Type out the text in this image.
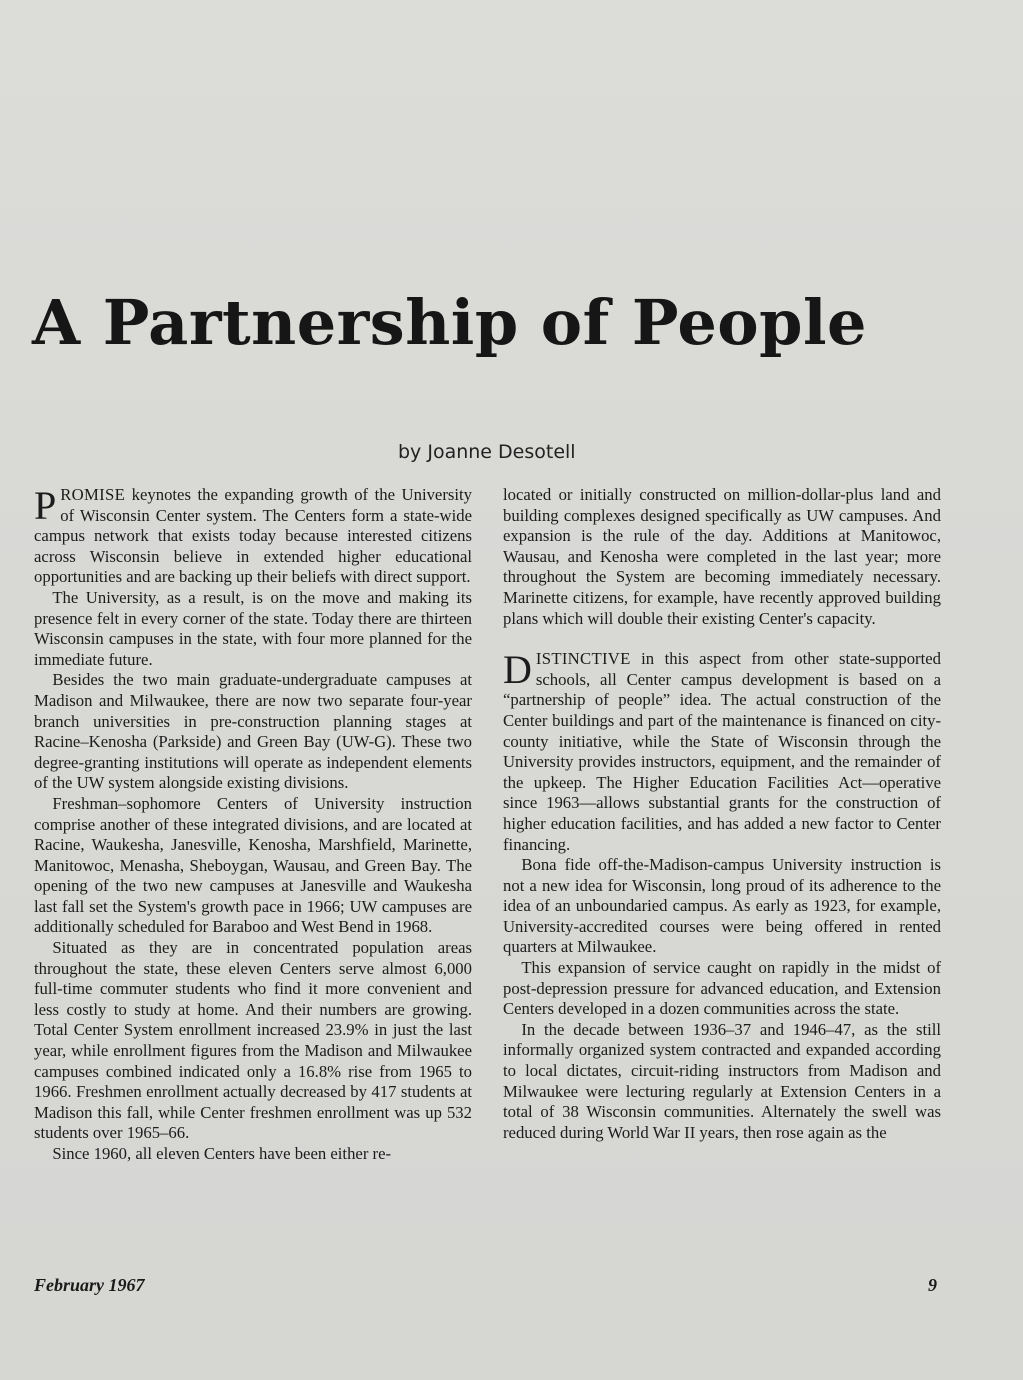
A Partnership of People
by Joanne Desotell

PROMISE keynotes the expanding growth of the University of Wisconsin Center system. The Centers form a state-wide campus network that exists today because interested citizens across Wisconsin believe in extended higher educational opportunities and are backing up their beliefs with direct support.

The University, as a result, is on the move and making its presence felt in every corner of the state. Today there are thirteen Wisconsin campuses in the state, with four more planned for the immediate future.

Besides the two main graduate-undergraduate campuses at Madison and Milwaukee, there are now two separate four-year branch universities in pre-construction planning stages at Racine–Kenosha (Parkside) and Green Bay (UW-G). These two degree-granting institutions will operate as independent elements of the UW system alongside existing divisions.

Freshman–sophomore Centers of University instruction comprise another of these integrated divisions, and are located at Racine, Waukesha, Janesville, Kenosha, Marshfield, Marinette, Manitowoc, Menasha, Sheboygan, Wausau, and Green Bay. The opening of the two new campuses at Janesville and Waukesha last fall set the System's growth pace in 1966; UW campuses are additionally scheduled for Baraboo and West Bend in 1968.

Situated as they are in concentrated population areas throughout the state, these eleven Centers serve almost 6,000 full-time commuter students who find it more convenient and less costly to study at home. And their numbers are growing. Total Center System enrollment increased 23.9% in just the last year, while enrollment figures from the Madison and Milwaukee campuses combined indicated only a 16.8% rise from 1965 to 1966. Freshmen enrollment actually decreased by 417 students at Madison this fall, while Center freshmen enrollment was up 532 students over 1965–66.

Since 1960, all eleven Centers have been either re-

located or initially constructed on million-dollar-plus land and building complexes designed specifically as UW campuses. And expansion is the rule of the day. Additions at Manitowoc, Wausau, and Kenosha were completed in the last year; more throughout the System are becoming immediately necessary. Marinette citizens, for example, have recently approved building plans which will double their existing Center's capacity.

DISTINCTIVE in this aspect from other state-supported schools, all Center campus development is based on a “partnership of people” idea. The actual construction of the Center buildings and part of the maintenance is financed on city-county initiative, while the State of Wisconsin through the University provides instructors, equipment, and the remainder of the upkeep. The Higher Education Facilities Act—operative since 1963—allows substantial grants for the construction of higher education facilities, and has added a new factor to Center financing.

Bona fide off-the-Madison-campus University instruction is not a new idea for Wisconsin, long proud of its adherence to the idea of an unboundaried campus. As early as 1923, for example, University-accredited courses were being offered in rented quarters at Milwaukee.

This expansion of service caught on rapidly in the midst of post-depression pressure for advanced education, and Extension Centers developed in a dozen communities across the state.

In the decade between 1936–37 and 1946–47, as the still informally organized system contracted and expanded according to local dictates, circuit-riding instructors from Madison and Milwaukee were lecturing regularly at Extension Centers in a total of 38 Wisconsin communities. Alternately the swell was reduced during World War II years, then rose again as the

February 1967	9
